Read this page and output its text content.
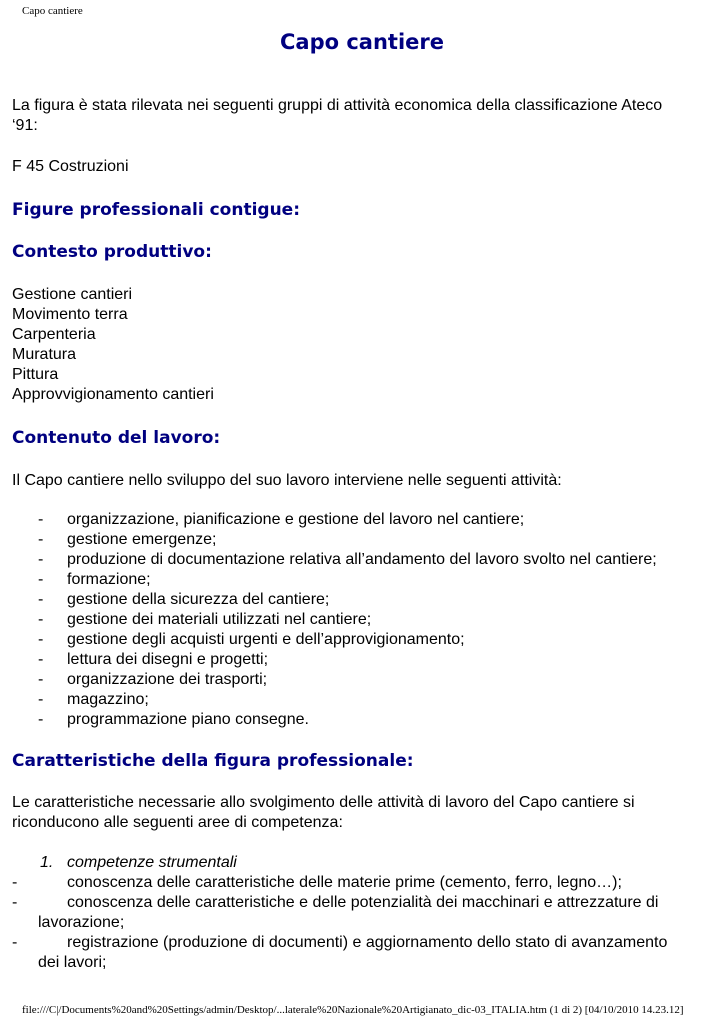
Capo cantiere
Capo cantiere
La figura è stata rilevata nei seguenti gruppi di attività economica della classificazione Ateco
‘91:
F 45 Costruzioni
Figure professionali contigue:
Contesto produttivo:
Gestione cantieri
Movimento terra
Carpenteria
Muratura
Pittura
Approvvigionamento cantieri
Contenuto del lavoro:
Il Capo cantiere nello sviluppo del suo lavoro interviene nelle seguenti attività:
- organizzazione, pianificazione e gestione del lavoro nel cantiere;
- gestione emergenze;
- produzione di documentazione relativa all’andamento del lavoro svolto nel cantiere;
- formazione;
- gestione della sicurezza del cantiere;
- gestione dei materiali utilizzati nel cantiere;
- gestione degli acquisti urgenti e dell’approvigionamento;
- lettura dei disegni e progetti;
- organizzazione dei trasporti;
- magazzino;
- programmazione piano consegne.
Caratteristiche della figura professionale:
Le caratteristiche necessarie allo svolgimento delle attività di lavoro del Capo cantiere si
riconducono alle seguenti aree di competenza:
1. competenze strumentali
-	conoscenza delle caratteristiche delle materie prime (cemento, ferro, legno…);
-	conoscenza delle caratteristiche e delle potenzialità dei macchinari e attrezzature di
lavorazione;
-	registrazione (produzione di documenti) e aggiornamento dello stato di avanzamento
dei lavori;
file:///C|/Documents%20and%20Settings/admin/Desktop/...laterale%20Nazionale%20Artigianato_dic-03_ITALIA.htm (1 di 2) [04/10/2010 14.23.12]
